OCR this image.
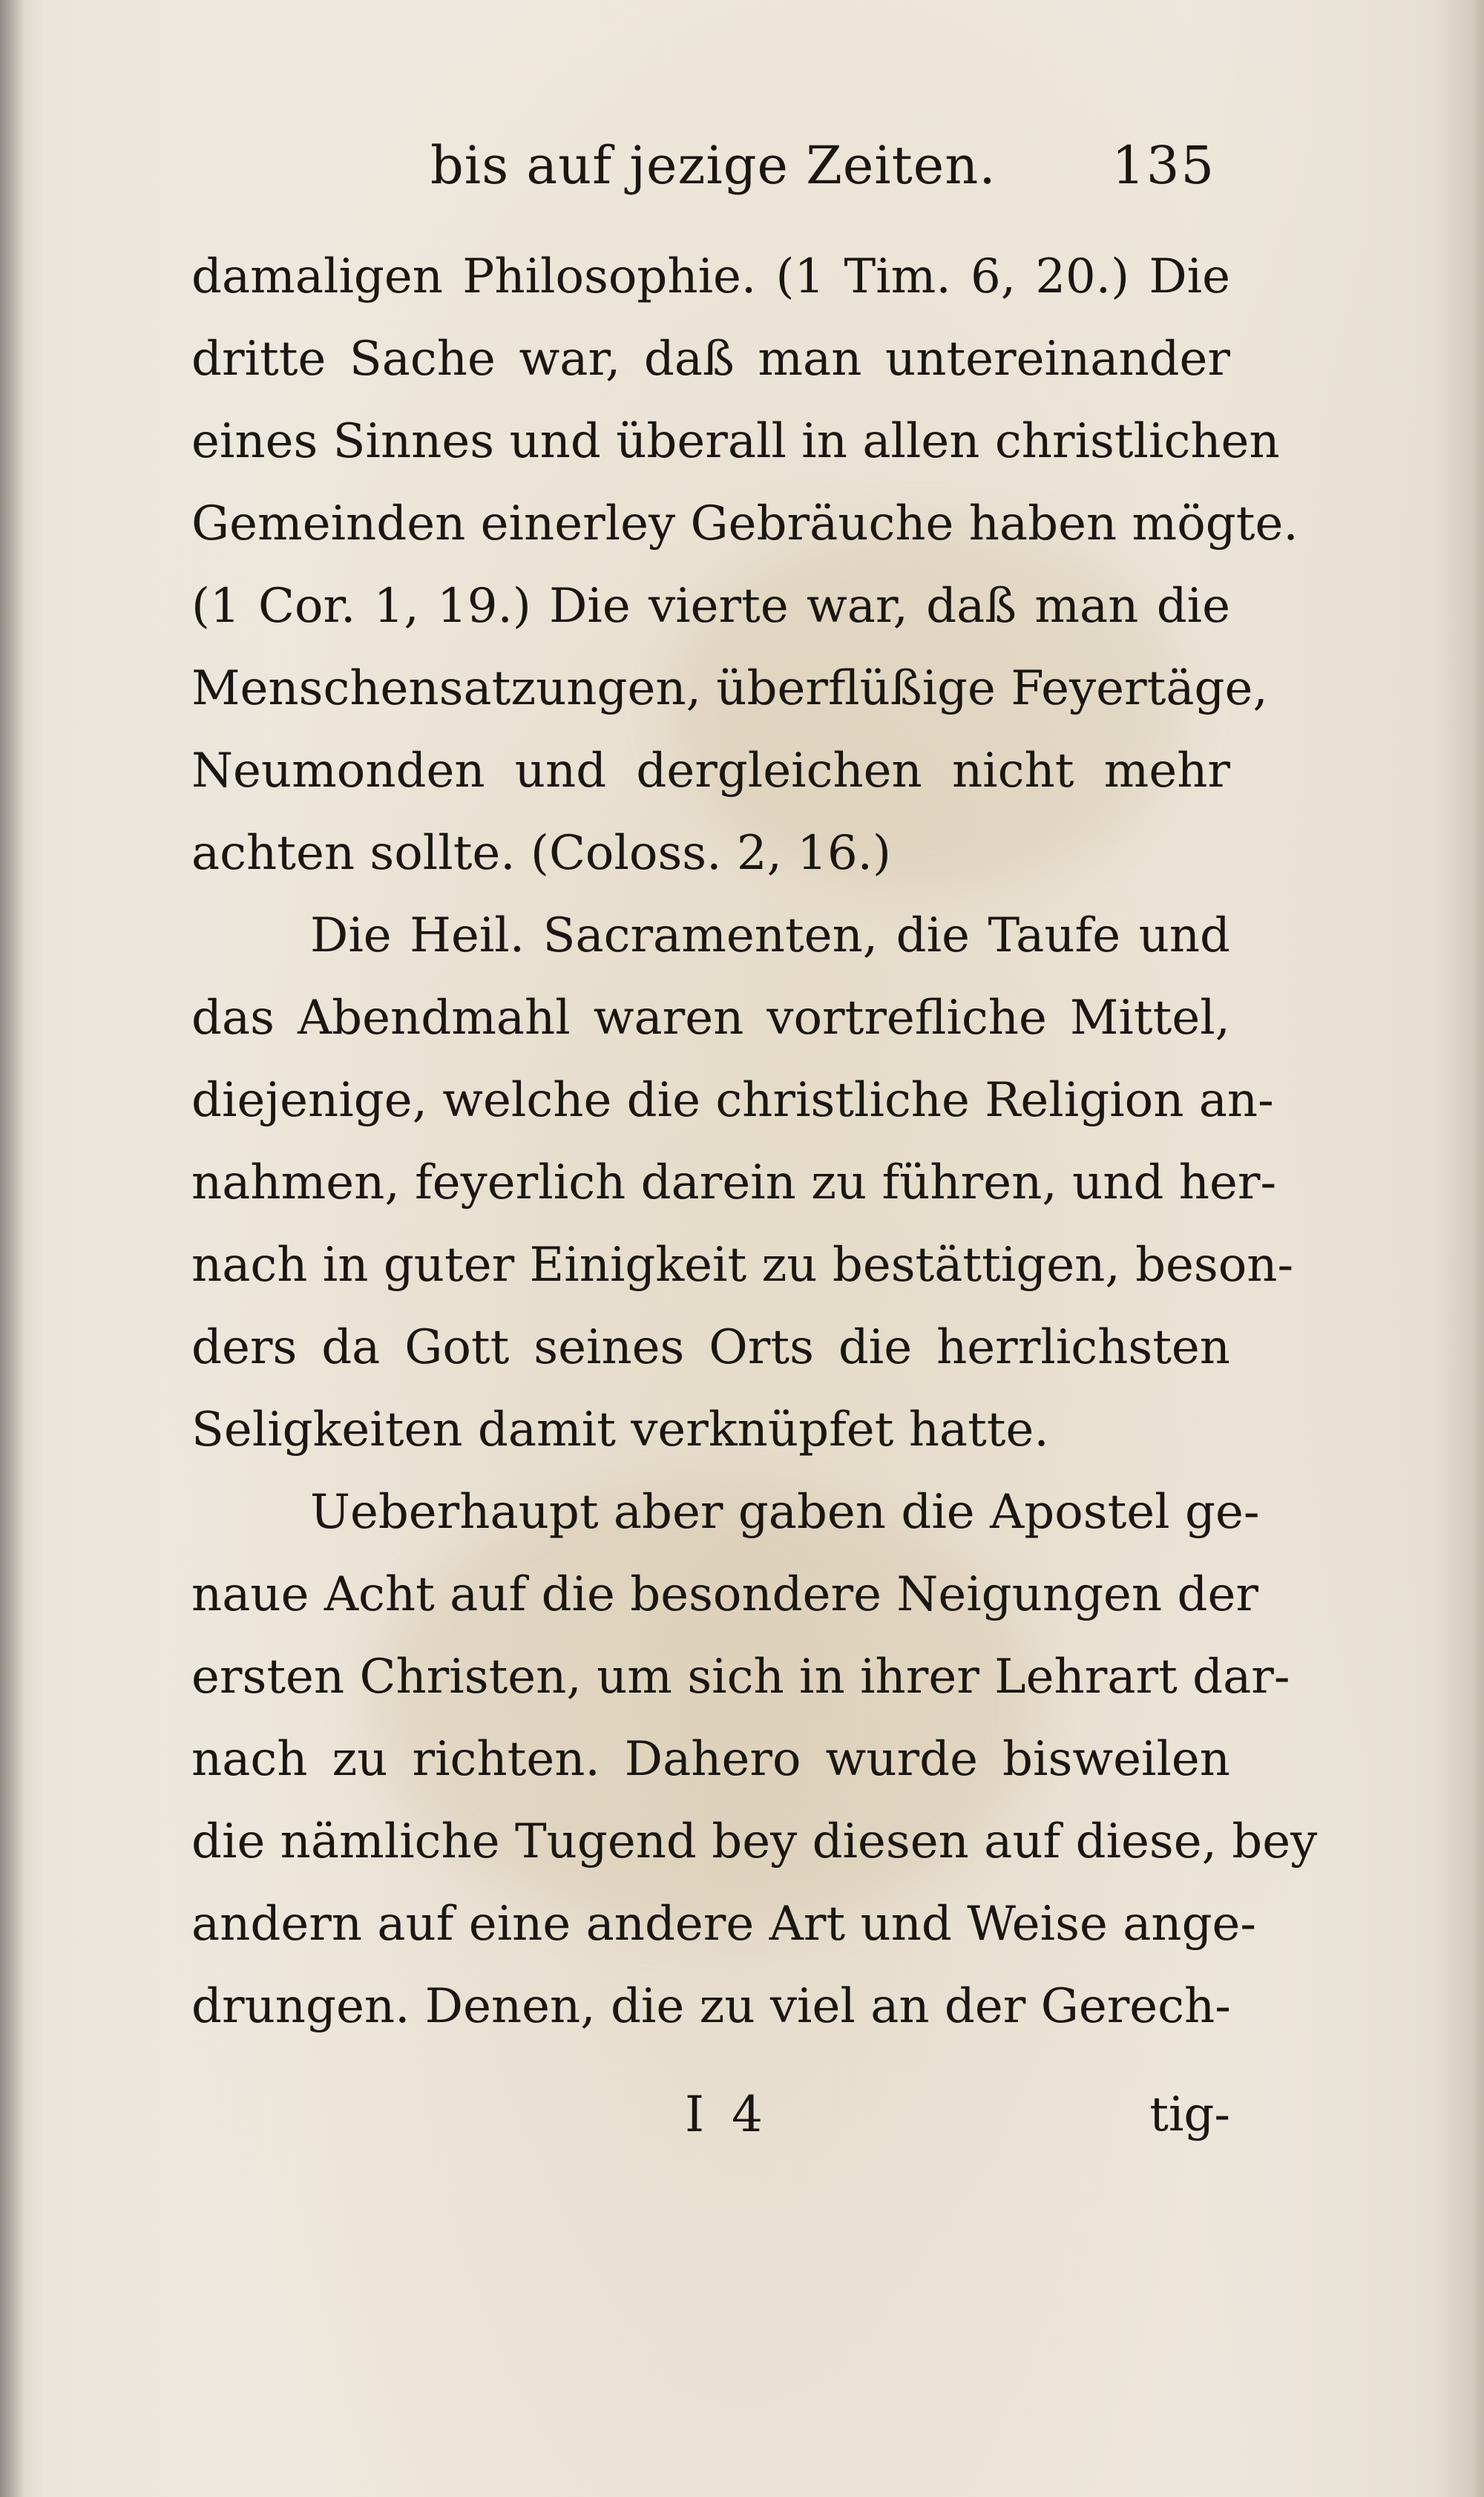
bis auf jezige Zeiten. 135
damaligen Philosophie. (1 Tim. 6, 20.) Die
dritte Sache war, daß man untereinander
eines Sinnes und überall in allen christlichen
Gemeinden einerley Gebräuche haben mögte.
(1 Cor. 1, 19.) Die vierte war, daß man die
Menschensatzungen, überflüßige Feyertäge,
Neumonden und dergleichen nicht mehr
achten sollte. (Coloss. 2, 16.)
Die Heil. Sacramenten, die Taufe und
das Abendmahl waren vortrefliche Mittel,
diejenige, welche die christliche Religion an-
nahmen, feyerlich darein zu führen, und her-
nach in guter Einigkeit zu bestättigen, beson-
ders da Gott seines Orts die herrlichsten
Seligkeiten damit verknüpfet hatte.
Ueberhaupt aber gaben die Apostel ge-
naue Acht auf die besondere Neigungen der
ersten Christen, um sich in ihrer Lehrart dar-
nach zu richten. Dahero wurde bisweilen
die nämliche Tugend bey diesen auf diese, bey
andern auf eine andere Art und Weise ange-
drungen. Denen, die zu viel an der Gerech-
I 4	tig-
